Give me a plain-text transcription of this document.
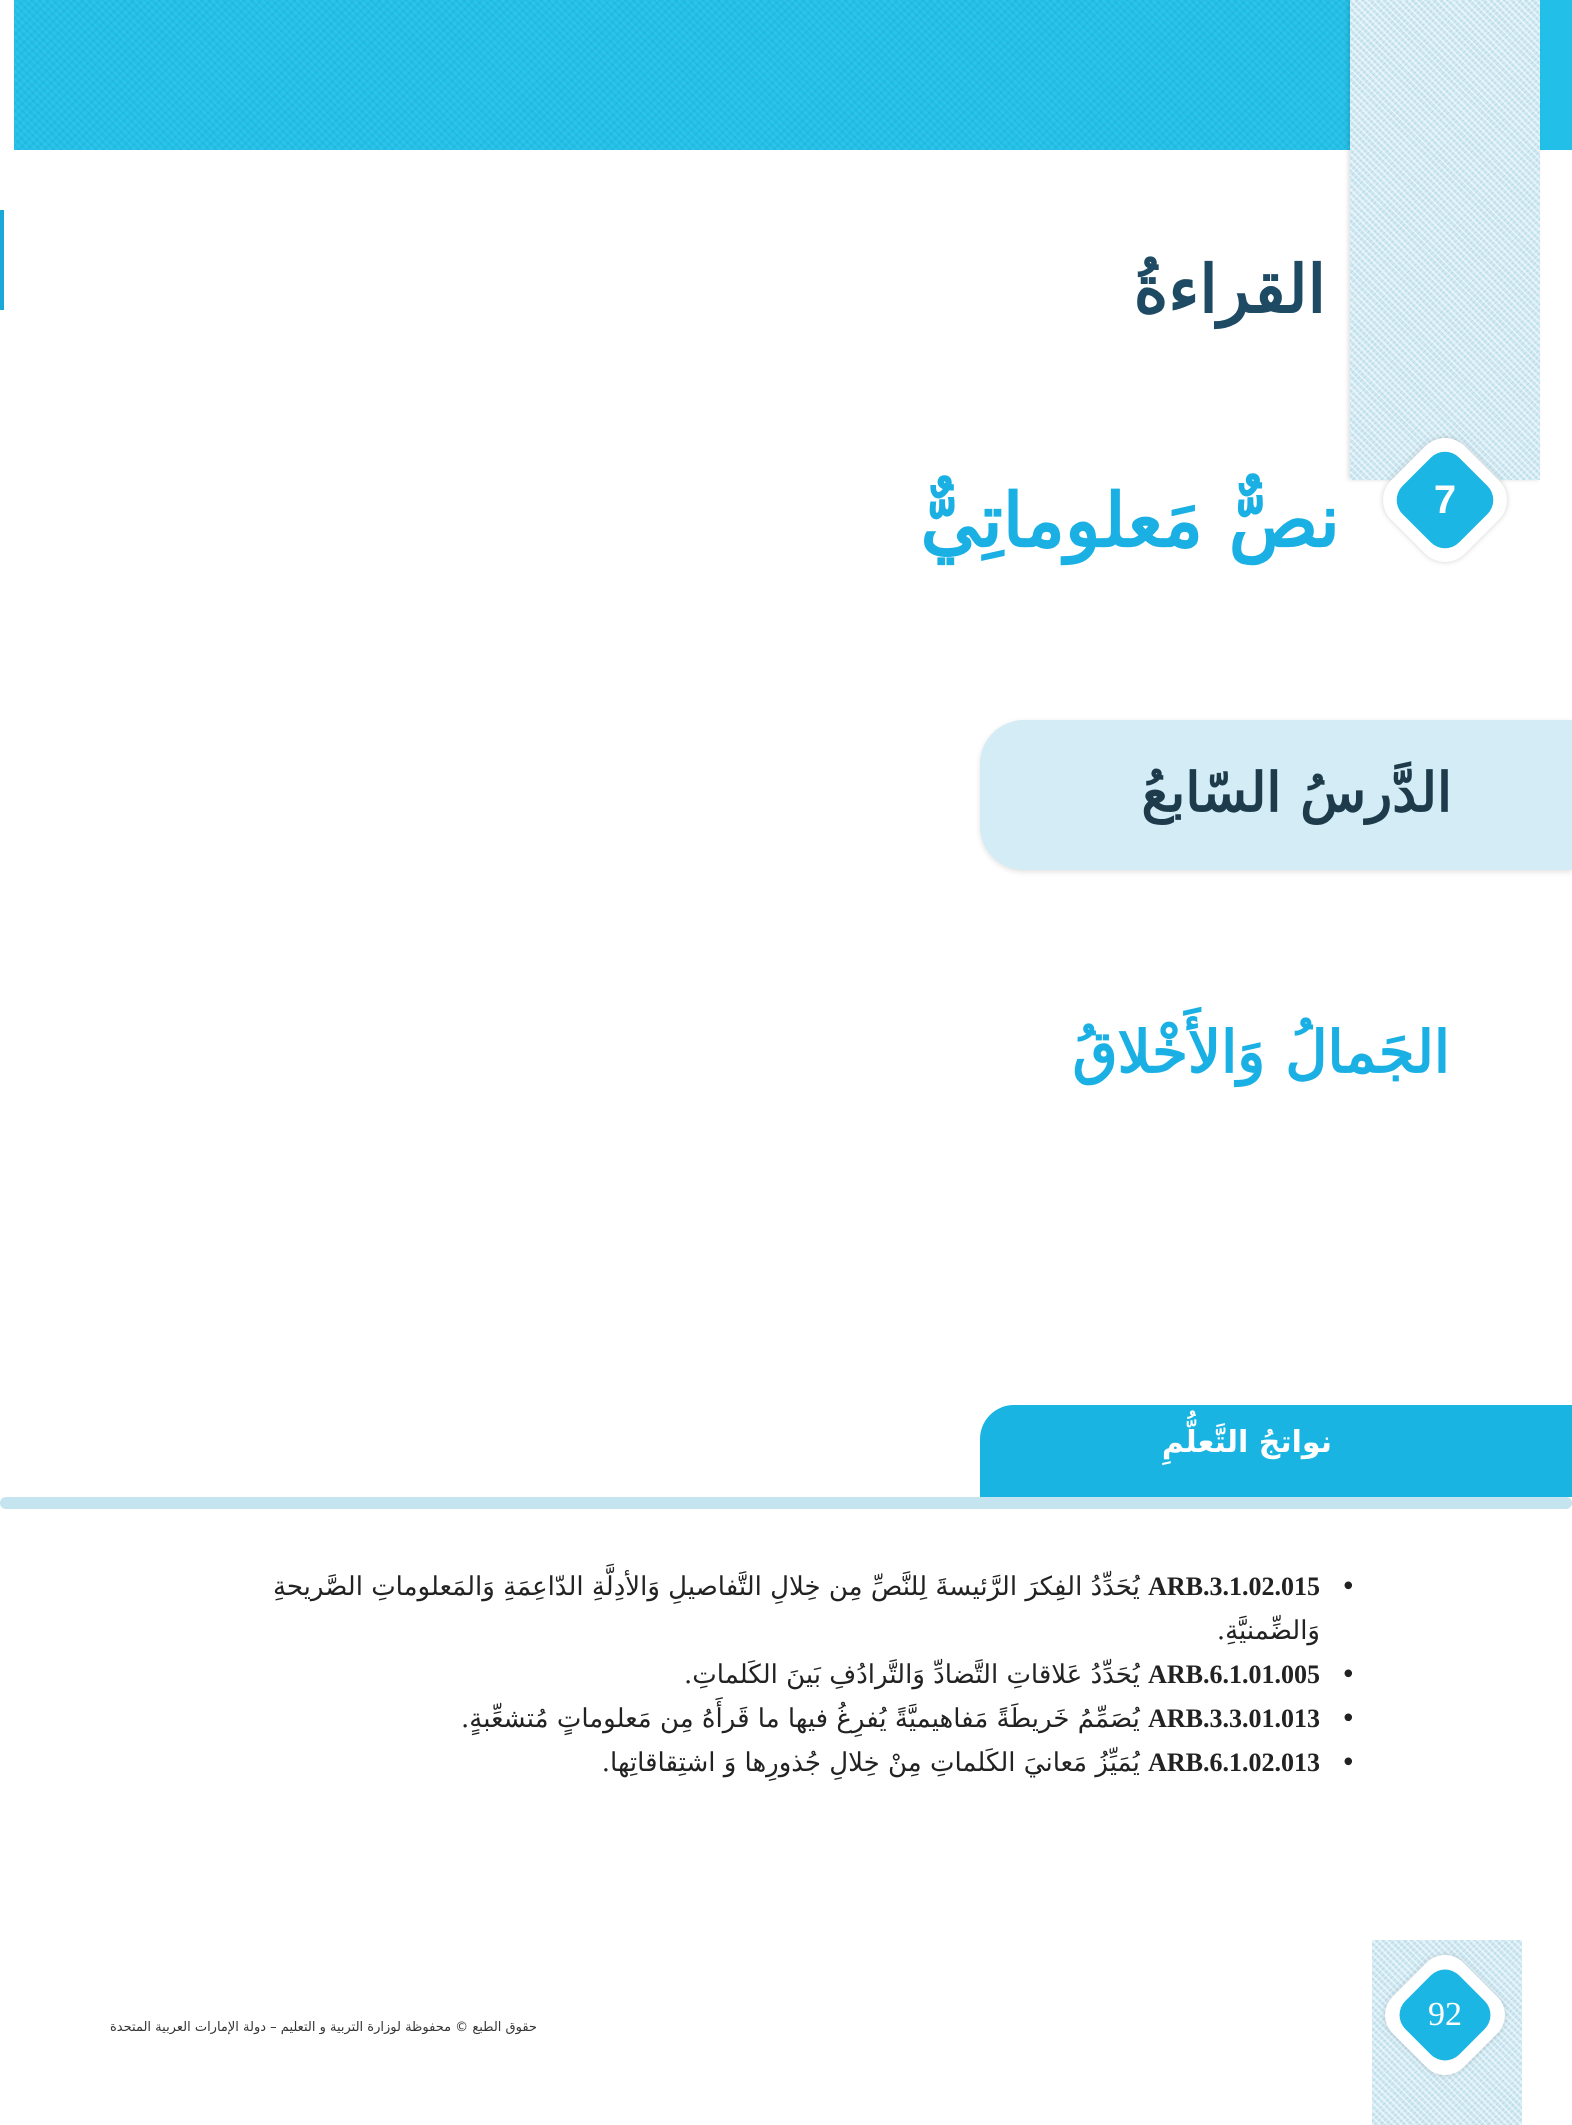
القراءةُ
7
نصٌّ مَعلوماتِيٌّ
الدَّرسُ السّابعُ
الجَمالُ وَالأَخْلاقُ
نواتجُ التَّعلُّمِ
• ARB.3.1.02.015 يُحَدِّدُ الفِكرَ الرَّئيسةَ لِلنَّصِّ مِن خِلالِ التَّفاصيلِ وَالأدِلَّةِ الدّاعِمَةِ وَالمَعلوماتِ الصَّريحةِ وَالضِّمنيَّةِ.
• ARB.6.1.01.005 يُحَدِّدُ عَلاقاتِ التَّضادِّ وَالتَّرادُفِ بَينَ الكَلماتِ.
• ARB.3.3.01.013 يُصَمِّمُ خَريطَةً مَفاهيميَّةً يُفرِغُ فيها ما قَرأَهُ مِن مَعلوماتٍ مُتشعِّبةٍ.
• ARB.6.1.02.013 يُمَيِّزُ مَعانيَ الكَلماتِ مِنْ خِلالِ جُذورِها وَ اشتِقاقاتِها.
حقوق الطبع © محفوظة لوزارة التربية و التعليم – دولة الإمارات العربية المتحدة	92
